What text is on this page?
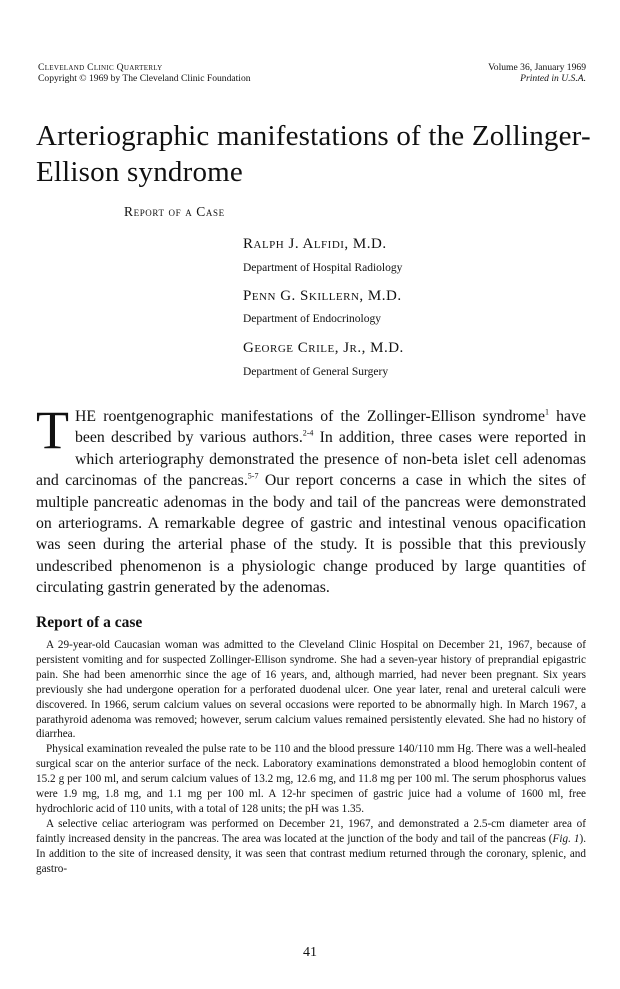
Cleveland Clinic Quarterly
Copyright © 1969 by The Cleveland Clinic Foundation
Volume 36, January 1969
Printed in U.S.A.
Arteriographic manifestations of the Zollinger-Ellison syndrome
Report of a Case
Ralph J. Alfidi, M.D.
Department of Hospital Radiology
Penn G. Skillern, M.D.
Department of Endocrinology
George Crile, Jr., M.D.
Department of General Surgery
THE roentgenographic manifestations of the Zollinger-Ellison syndrome$^1$ have been described by various authors.$^{2-4}$ In addition, three cases were reported in which arteriography demonstrated the presence of non-beta islet cell adenomas and carcinomas of the pancreas.$^{5-7}$ Our report concerns a case in which the sites of multiple pancreatic adenomas in the body and tail of the pancreas were demonstrated on arteriograms. A remarkable degree of gastric and intestinal venous opacification was seen during the arterial phase of the study. It is possible that this previously undescribed phenomenon is a physiologic change produced by large quantities of circulating gastrin generated by the adenomas.
Report of a case

A 29-year-old Caucasian woman was admitted to the Cleveland Clinic Hospital on December 21, 1967, because of persistent vomiting and for suspected Zollinger-Ellison syndrome. She had a seven-year history of preprandial epigastric pain. She had been amenorrhic since the age of 16 years, and, although married, had never been pregnant. Six years previously she had undergone operation for a perforated duodenal ulcer. One year later, renal and ureteral calculi were discovered. In 1966, serum calcium values on several occasions were reported to be abnormally high. In March 1967, a parathyroid adenoma was removed; however, serum calcium values remained persistently elevated. She had no history of diarrhea.

Physical examination revealed the pulse rate to be 110 and the blood pressure 140/110 mm Hg. There was a well-healed surgical scar on the anterior surface of the neck. Laboratory examinations demonstrated a blood hemoglobin content of 15.2 g per 100 ml, and serum calcium values of 13.2 mg, 12.6 mg, and 11.8 mg per 100 ml. The serum phosphorus values were 1.9 mg, 1.8 mg, and 1.1 mg per 100 ml. A 12-hr specimen of gastric juice had a volume of 1600 ml, free hydrochloric acid of 110 units, with a total of 128 units; the pH was 1.35.

A selective celiac arteriogram was performed on December 21, 1967, and demonstrated a 2.5-cm diameter area of faintly increased density in the pancreas. The area was located at the junction of the body and tail of the pancreas (Fig. 1). In addition to the site of increased density, it was seen that contrast medium returned through the coronary, splenic, and gastro-

41
